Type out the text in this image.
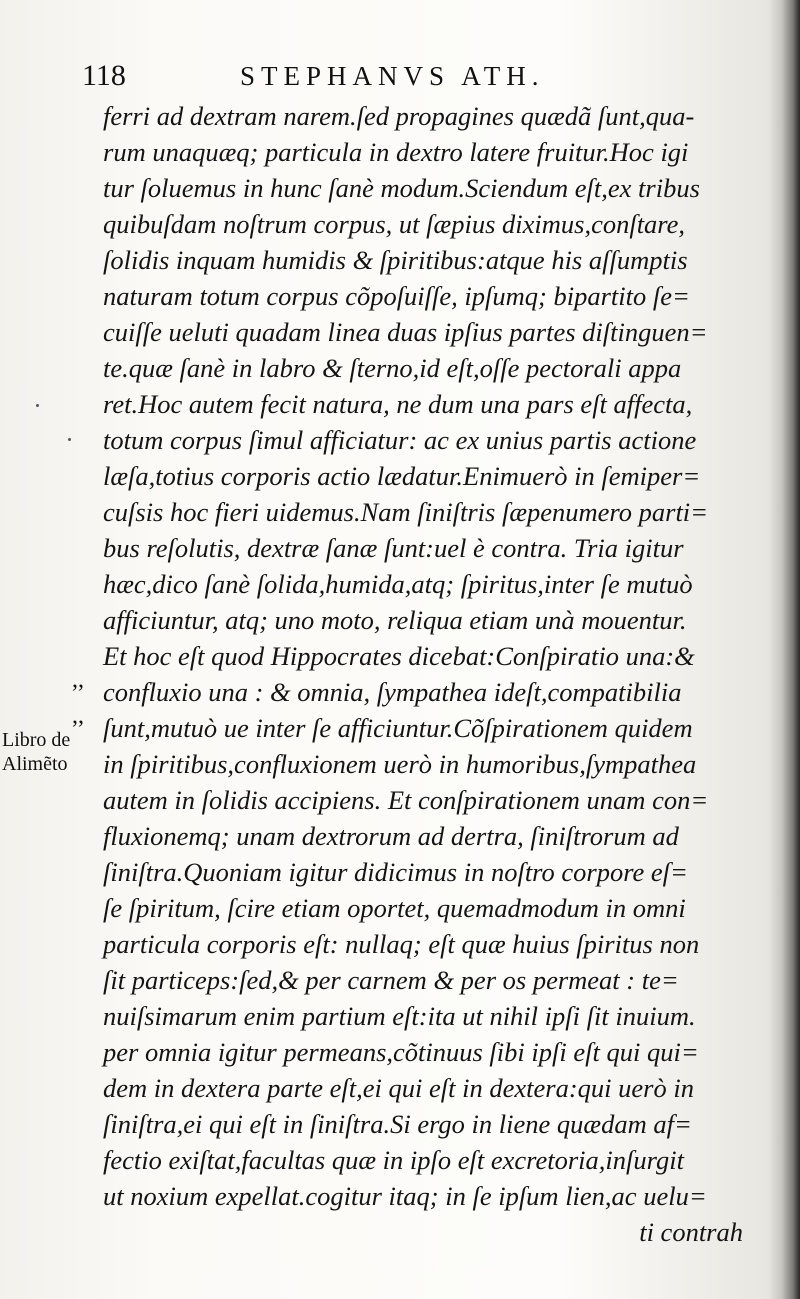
118	STEPHANVS ATH.
,,
,,
Libro de
Alimẽto
ferri ad dextram narem.ſed propagines quædã ſunt,qua-
rum unaquæq; particula in dextro latere fruitur.Hoc igi
tur ſoluemus in hunc ſanè modum.Sciendum eſt,ex tribus
quibuſdam noſtrum corpus, ut ſæpius diximus,conſtare,
ſolidis inquam humidis & ſpiritibus:atque his aſſumptis
naturam totum corpus cõpoſuiſſe, ipſumq; bipartito ſe=
cuiſſe ueluti quadam linea duas ipſius partes diſtinguen=
te.quæ ſanè in labro & ſterno,id eſt,oſſe pectorali appa
ret.Hoc autem fecit natura, ne dum una pars eſt affecta,
totum corpus ſimul afficiatur: ac ex unius partis actione
læſa,totius corporis actio lædatur.Enimuerò in ſemiper=
cuſsis hoc fieri uidemus.Nam ſiniſtris ſæpenumero parti=
bus reſolutis, dextræ ſanæ ſunt:uel è contra. Tria igitur
hæc,dico ſanè ſolida,humida,atq; ſpiritus,inter ſe mutuò
afficiuntur, atq; uno moto, reliqua etiam unà mouentur.
Et hoc eſt quod Hippocrates dicebat:Conſpiratio una:&
confluxio una : & omnia, ſympathea ideſt,compatibilia
ſunt,mutuò ue inter ſe afficiuntur.Cõſpirationem quidem
in ſpiritibus,confluxionem uerò in humoribus,ſympathea
autem in ſolidis accipiens. Et conſpirationem unam con=
fluxionemq; unam dextrorum ad dertra, ſiniſtrorum ad
ſiniſtra.Quoniam igitur didicimus in noſtro corpore eſ=
ſe ſpiritum, ſcire etiam oportet, quemadmodum in omni
particula corporis eſt: nullaq; eſt quæ huius ſpiritus non
ſit particeps:ſed,& per carnem & per os permeat : te=
nuiſsimarum enim partium eſt:ita ut nihil ipſi ſit inuium.
per omnia igitur permeans,cõtinuus ſibi ipſi eſt qui qui=
dem in dextera parte eſt,ei qui eſt in dextera:qui uerò in
ſiniſtra,ei qui eſt in ſiniſtra.Si ergo in liene quædam af=
fectio exiſtat,facultas quæ in ipſo eſt excretoria,inſurgit
ut noxium expellat.cogitur itaq; in ſe ipſum lien,ac uelu=
ti contrah
